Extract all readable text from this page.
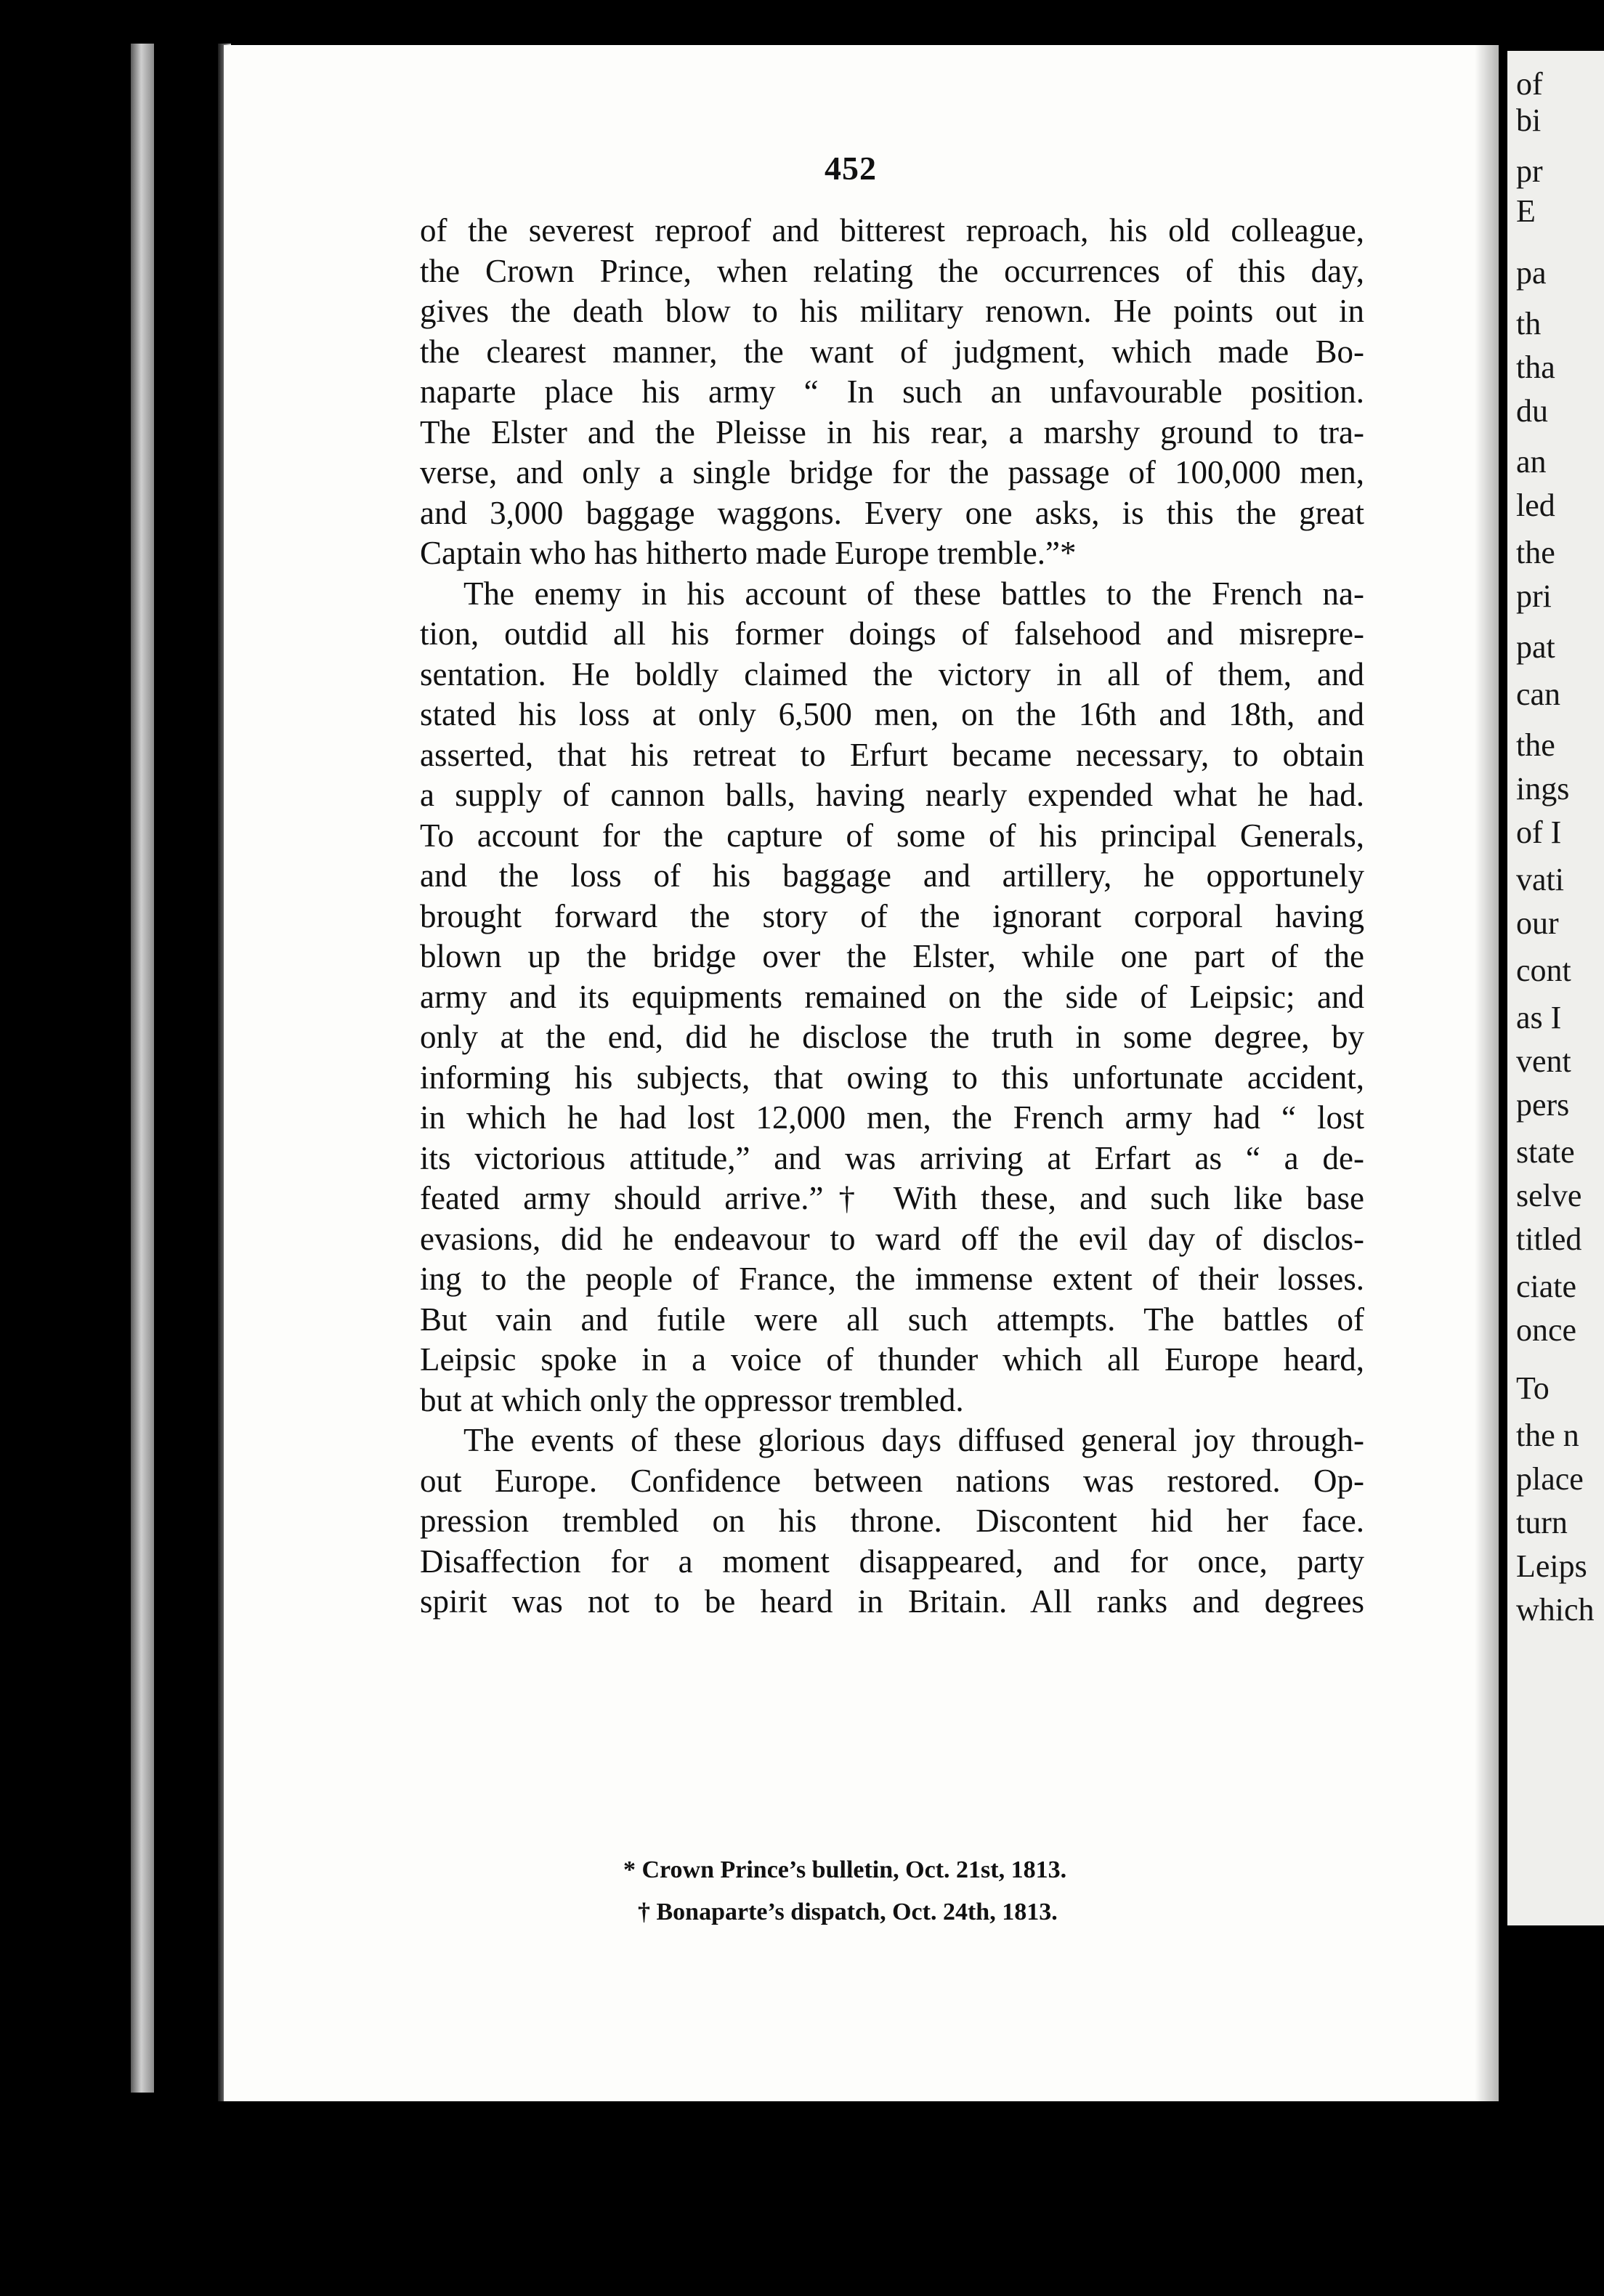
of
bi
pr
E
pa
th
tha
du
an
led
the
pri
pat
can
the
ings
of I
vati
our
cont
as I
vent
pers
state
selve
titled
ciate
once
To
the n
place
turn
Leips
which
452
of the severest reproof and bitterest reproach, his old colleague,
the Crown Prince, when relating the occurrences of this day,
gives the death blow to his military renown. He points out in
the clearest manner, the want of judgment, which made Bo-
naparte place his army “ In such an unfavourable position.
The Elster and the Pleisse in his rear, a marshy ground to tra-
verse, and only a single bridge for the passage of 100,000 men,
and 3,000 baggage waggons. Every one asks, is this the great
Captain who has hitherto made Europe tremble.”*
The enemy in his account of these battles to the French na-
tion, outdid all his former doings of falsehood and misrepre-
sentation. He boldly claimed the victory in all of them, and
stated his loss at only 6,500 men, on the 16th and 18th, and
asserted, that his retreat to Erfurt became necessary, to obtain
a supply of cannon balls, having nearly expended what he had.
To account for the capture of some of his principal Generals,
and the loss of his baggage and artillery, he opportunely
brought forward the story of the ignorant corporal having
blown up the bridge over the Elster, while one part of the
army and its equipments remained on the side of Leipsic; and
only at the end, did he disclose the truth in some degree, by
informing his subjects, that owing to this unfortunate accident,
in which he had lost 12,000 men, the French army had “ lost
its victorious attitude,” and was arriving at Erfart as “ a de-
feated army should arrive.”† With these, and such like base
evasions, did he endeavour to ward off the evil day of disclos-
ing to the people of France, the immense extent of their losses.
But vain and futile were all such attempts. The battles of
Leipsic spoke in a voice of thunder which all Europe heard,
but at which only the oppressor trembled.
The events of these glorious days diffused general joy through-
out Europe. Confidence between nations was restored. Op-
pression trembled on his throne. Discontent hid her face.
Disaffection for a moment disappeared, and for once, party
spirit was not to be heard in Britain. All ranks and degrees
* Crown Prince’s bulletin, Oct. 21st, 1813.
† Bonaparte’s dispatch, Oct. 24th, 1813.
